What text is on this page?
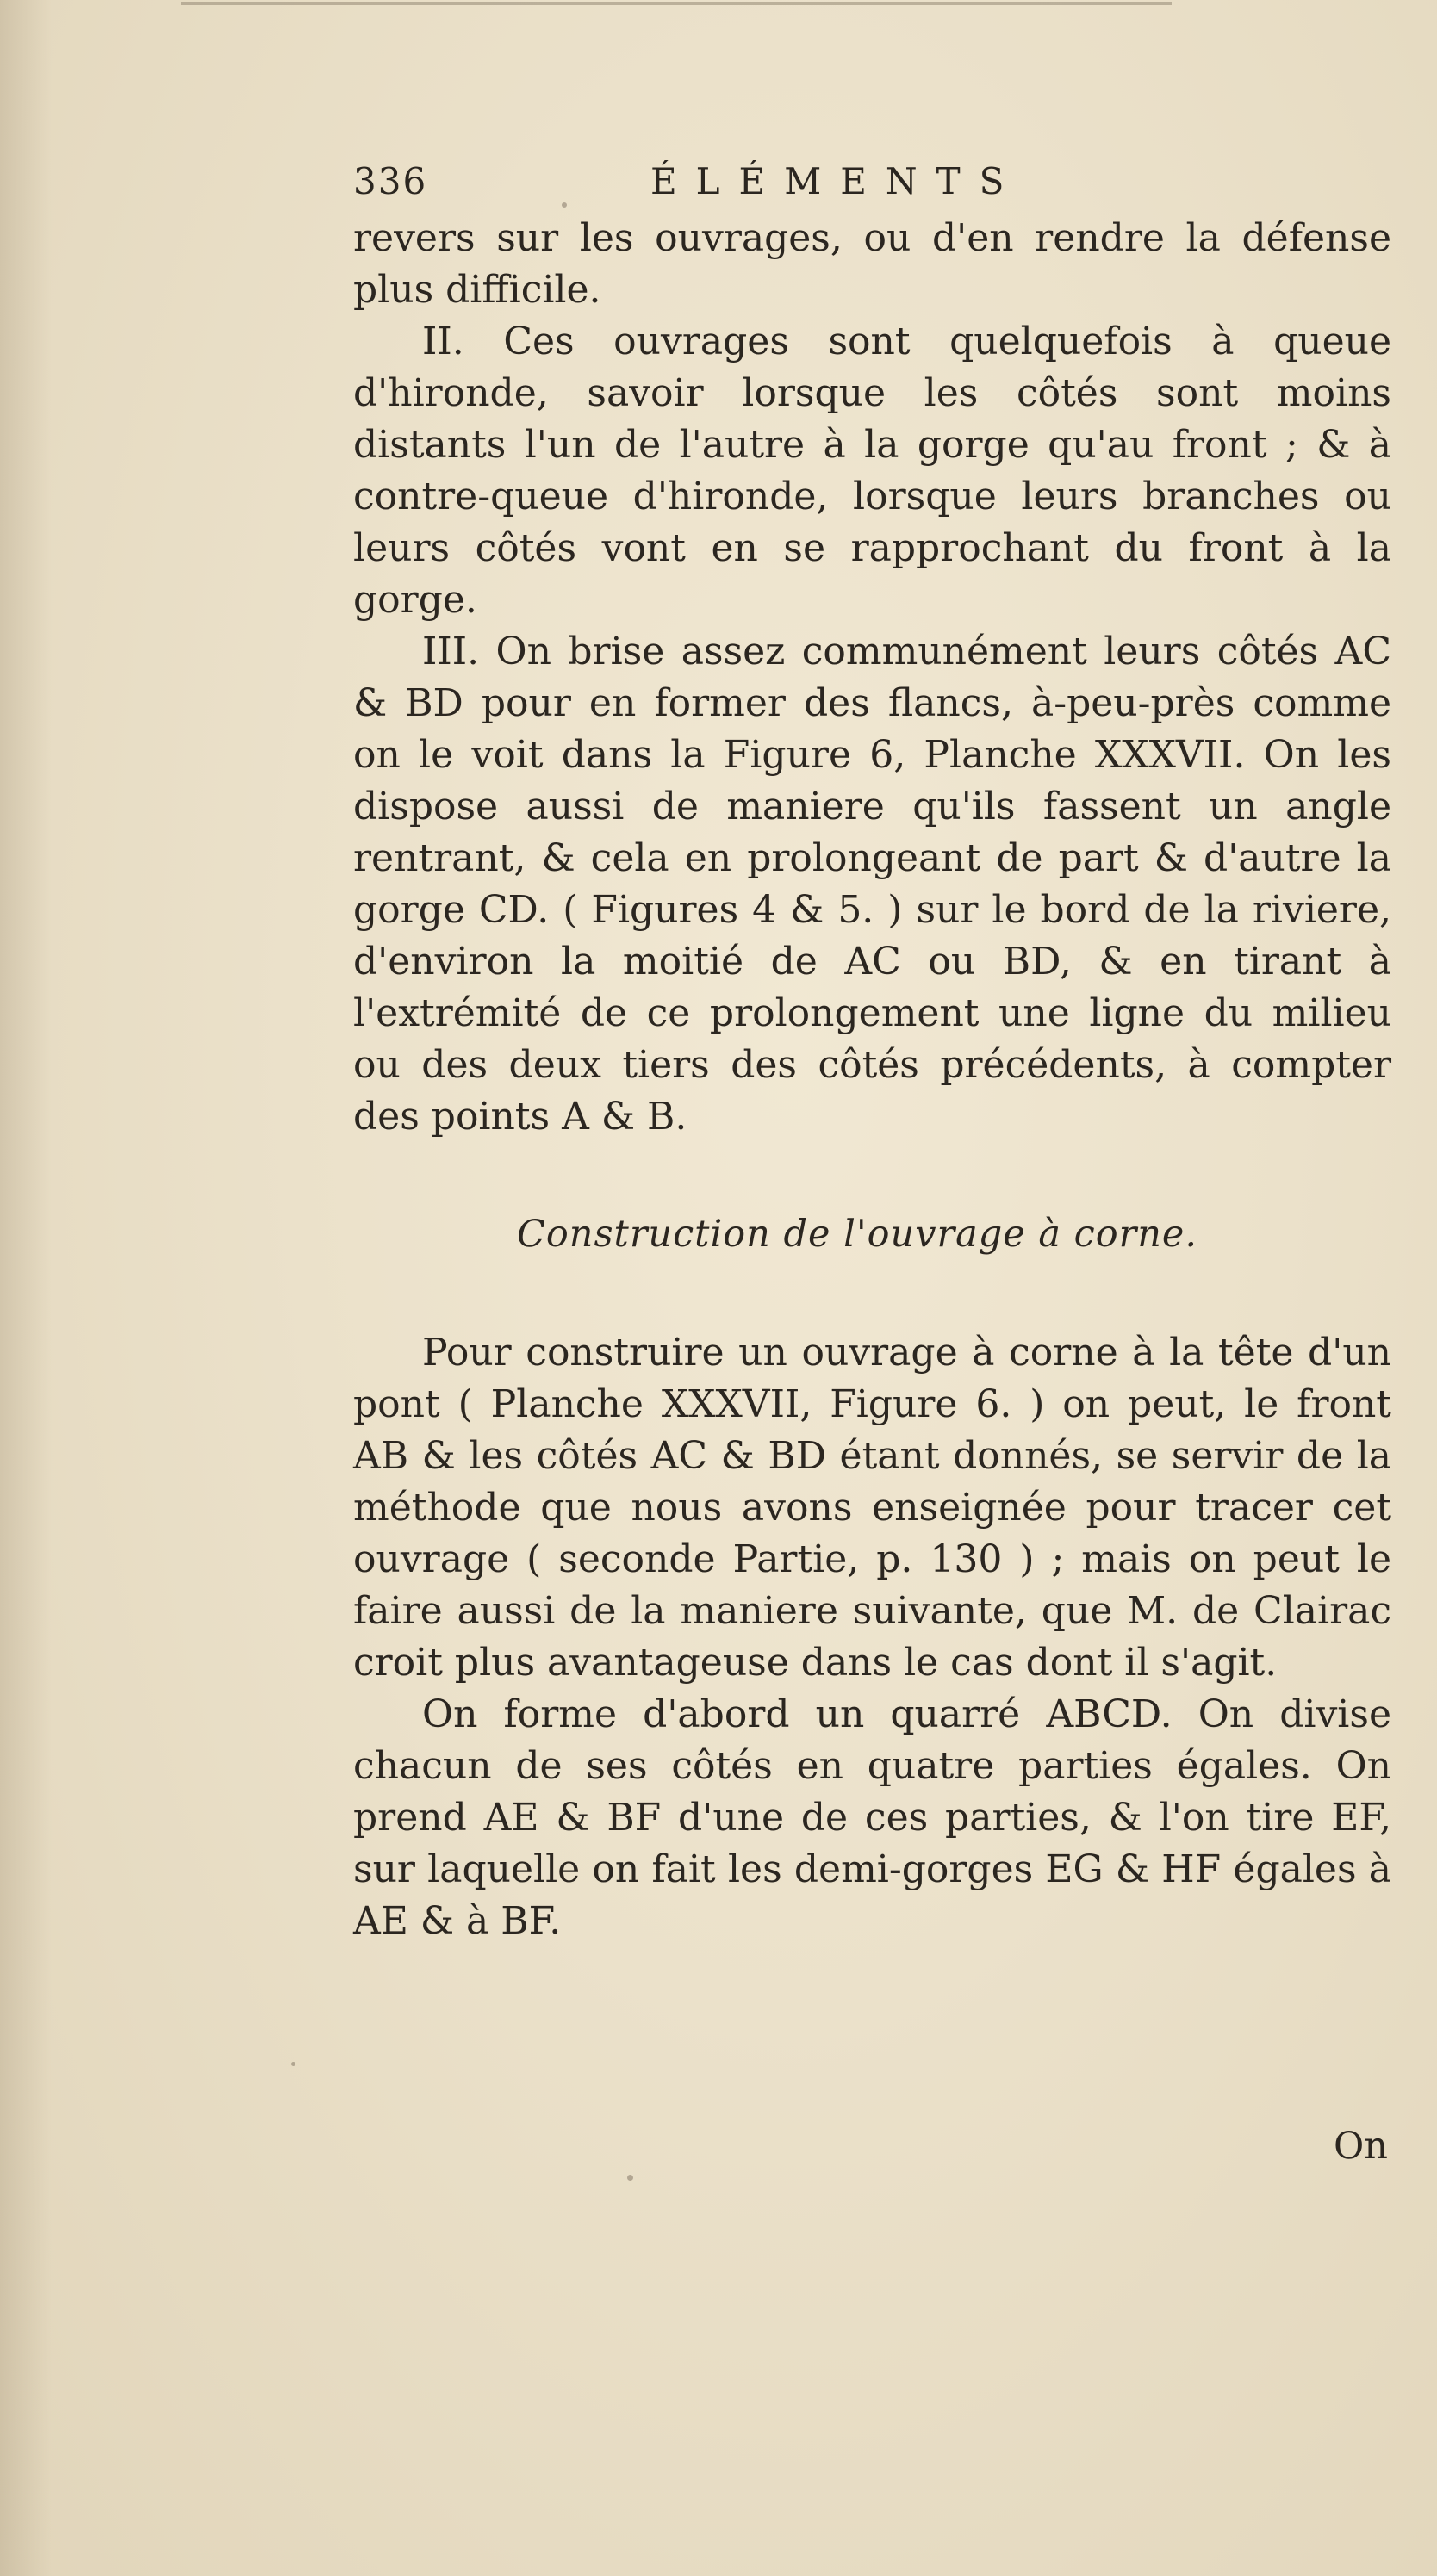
336	ÉLÉMENTS

revers sur les ouvrages, ou d'en rendre la défense plus difficile.

II. Ces ouvrages sont quelquefois à queue d'hironde, savoir lorsque les côtés sont moins distants l'un de l'autre à la gorge qu'au front ; & à contre-queue d'hironde, lorsque leurs branches ou leurs côtés vont en se rapprochant du front à la gorge.

III. On brise assez communément leurs côtés AC & BD pour en former des flancs, à-peu-près comme on le voit dans la Figure 6, Planche XXXVII. On les dispose aussi de maniere qu'ils fassent un angle rentrant, & cela en prolongeant de part & d'autre la gorge CD. ( Figures 4 & 5. ) sur le bord de la riviere, d'environ la moitié de AC ou BD, & en tirant à l'extrémité de ce prolongement une ligne du milieu ou des deux tiers des côtés précédents, à compter des points A & B.

Construction de l'ouvrage à corne.

Pour construire un ouvrage à corne à la tête d'un pont ( Planche XXXVII, Figure 6. ) on peut, le front AB & les côtés AC & BD étant donnés, se servir de la méthode que nous avons enseignée pour tracer cet ouvrage ( seconde Partie, p. 130 ) ; mais on peut le faire aussi de la maniere suivante, que M. de Clairac croit plus avantageuse dans le cas dont il s'agit.

On forme d'abord un quarré ABCD. On divise chacun de ses côtés en quatre parties égales. On prend AE & BF d'une de ces parties, & l'on tire EF, sur laquelle on fait les demi-gorges EG & HF égales à AE & à BF.

On
